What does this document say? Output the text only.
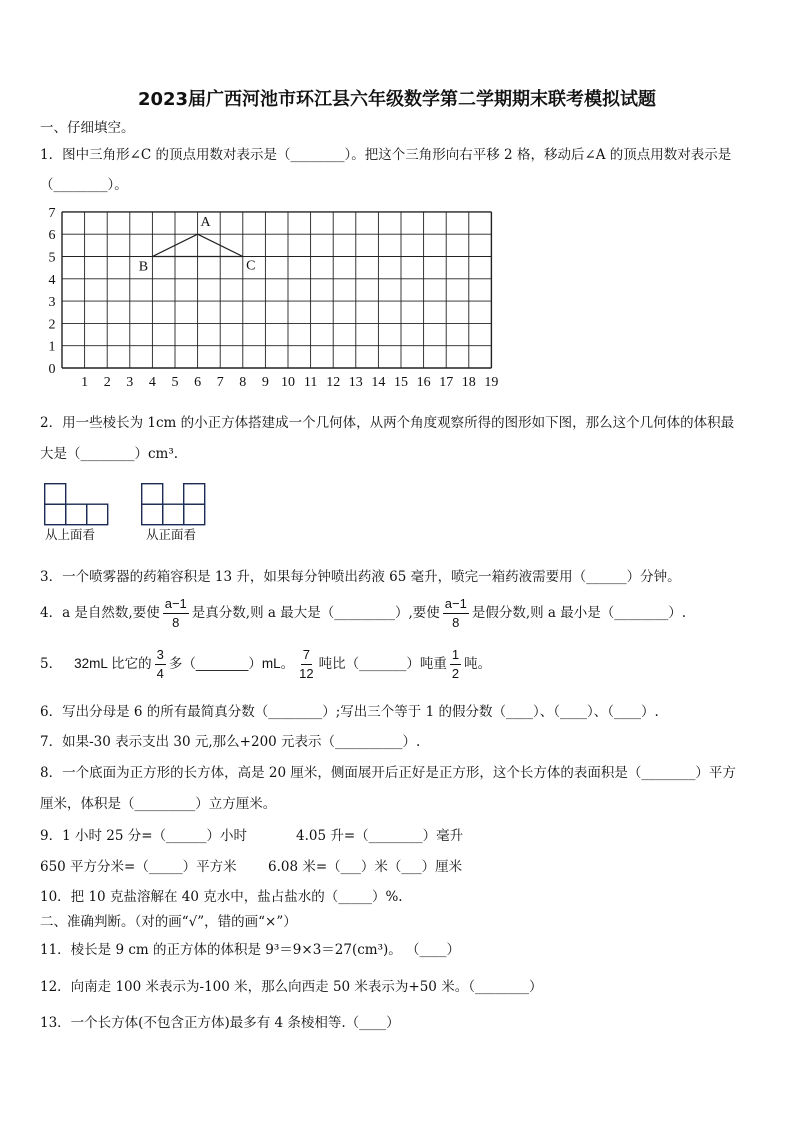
2023届广西河池市环江县六年级数学第二学期期末联考模拟试题
一、仔细填空。
1．图中三角形∠C 的顶点用数对表示是（________）。把这个三角形向右平移 2 格，移动后∠A 的顶点用数对表示是
（________）。
1 2 3 4 5 6 7 8 9 10 11 12 13 14 15 16 17 18 19
0
1
2
3
4
5
6
7
B
A
C
2．用一些棱长为 1cm 的小正方体搭建成一个几何体，从两个角度观察所得的图形如下图，那么这个几何体的体积最
大是（________）cm³.
从上面看	从正面看
3．一个喷雾器的药箱容积是 13 升，如果每分钟喷出药液 65 毫升，喷完一箱药液需要用（______）分钟。
4．a 是自然数,要使 $\frac{a-1}{8}$ 是真分数,则 a 最大是（_________）,要使 $\frac{a-1}{8}$ 是假分数,则 a 最小是（________）.
5． 32mL 比它的 $\frac{3}{4}$ 多（_______）mL。 $\frac{7}{12}$ 吨比（_______）吨重 $\frac{1}{2}$ 吨。
6．写出分母是 6 的所有最简真分数（________）;写出三个等于 1 的假分数（____）、（____）、（____）.
7．如果-30 表示支出 30 元,那么+200 元表示（__________）.
8．一个底面为正方形的长方体，高是 20 厘米，侧面展开后正好是正方形，这个长方体的表面积是（________）平方
厘米，体积是（_________）立方厘米。
9．1 小时 25 分=（______）小时	4.05 升=（________）毫升
650 平方分米=（_____）平方米 6.08 米=（___）米（___）厘米
10．把 10 克盐溶解在 40 克水中，盐占盐水的（_____）%.
二、准确判断。（对的画“√”，错的画“×”）
11．棱长是 9 cm 的正方体的体积是 9³＝9×3＝27(cm³)。 （____）
12．向南走 100 米表示为-100 米，那么向西走 50 米表示为+50 米。（________）
13．一个长方体(不包含正方体)最多有 4 条棱相等.（____）
